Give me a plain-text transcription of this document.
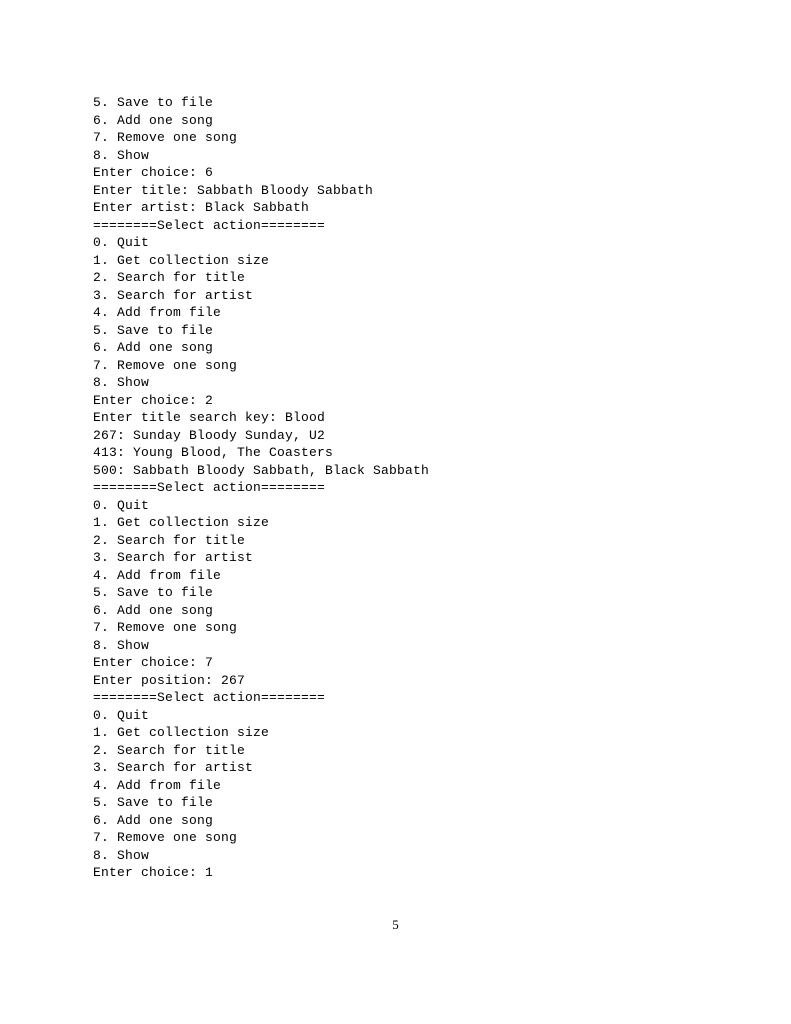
5. Save to file
6. Add one song
7. Remove one song
8. Show
Enter choice: 6
Enter title: Sabbath Bloody Sabbath
Enter artist: Black Sabbath
========Select action========
0. Quit
1. Get collection size
2. Search for title
3. Search for artist
4. Add from file
5. Save to file
6. Add one song
7. Remove one song
8. Show
Enter choice: 2
Enter title search key: Blood
267: Sunday Bloody Sunday, U2
413: Young Blood, The Coasters
500: Sabbath Bloody Sabbath, Black Sabbath
========Select action========
0. Quit
1. Get collection size
2. Search for title
3. Search for artist
4. Add from file
5. Save to file
6. Add one song
7. Remove one song
8. Show
Enter choice: 7
Enter position: 267
========Select action========
0. Quit
1. Get collection size
2. Search for title
3. Search for artist
4. Add from file
5. Save to file
6. Add one song
7. Remove one song
8. Show
Enter choice: 1
5
